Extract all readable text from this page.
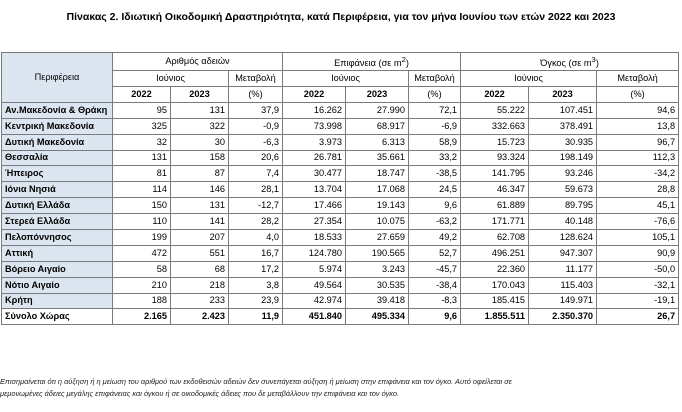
Πίνακας 2. Ιδιωτική Οικοδομική Δραστηριότητα, κατά Περιφέρεια, για τον μήνα Ιουνίου των ετών 2022 και 2023
Περιφέρεια	Αριθμός αδειών			Επιφάνεια (σε $m^2$)			Όγκος (σε $m^3$)		
	Ιούνιος		Μεταβολή	Ιούνιος		Μεταβολή	Ιούνιος		Μεταβολή
	2022	2023	(%)	2022	2023	(%)	2022	2023	(%)
Αν.Μακεδονία & Θράκη	95	131	37,9	16.262	27.990	72,1	55.222	107.451	94,6
Κεντρική Μακεδονία	325	322	-0,9	73.998	68.917	-6,9	332.663	378.491	13,8
Δυτική Μακεδονία	32	30	-6,3	3.973	6.313	58,9	15.723	30.935	96,7
Θεσσαλία	131	158	20,6	26.781	35.661	33,2	93.324	198.149	112,3
Ήπειρος	81	87	7,4	30.477	18.747	-38,5	141.795	93.246	-34,2
Ιόνια Νησιά	114	146	28,1	13.704	17.068	24,5	46.347	59.673	28,8
Δυτική Ελλάδα	150	131	-12,7	17.466	19.143	9,6	61.889	89.795	45,1
Στερεά Ελλάδα	110	141	28,2	27.354	10.075	-63,2	171.771	40.148	-76,6
Πελοπόννησος	199	207	4,0	18.533	27.659	49,2	62.708	128.624	105,1
Αττική	472	551	16,7	124.780	190.565	52,7	496.251	947.307	90,9
Βόρειο Αιγαίο	58	68	17,2	5.974	3.243	-45,7	22.360	11.177	-50,0
Νότιο Αιγαίο	210	218	3,8	49.564	30.535	-38,4	170.043	115.403	-32,1
Κρήτη	188	233	23,9	42.974	39.418	-8,3	185.415	149.971	-19,1
Σύνολο Χώρας	2.165	2.423	11,9	451.840	495.334	9,6	1.855.511	2.350.370	26,7
Επισημαίνεται ότι η αύξηση ή η μείωση του αριθμού των εκδοθεισών αδειών δεν συνεπάγεται αύξηση ή μείωση στην επιφάνεια και τον όγκο. Αυτό οφείλεται σε
μεμονωμένες άδειες μεγάλης επιφάνειας και όγκου ή σε οικοδομικές άδειες που δε μεταβάλλουν την επιφάνεια και τον όγκο.
